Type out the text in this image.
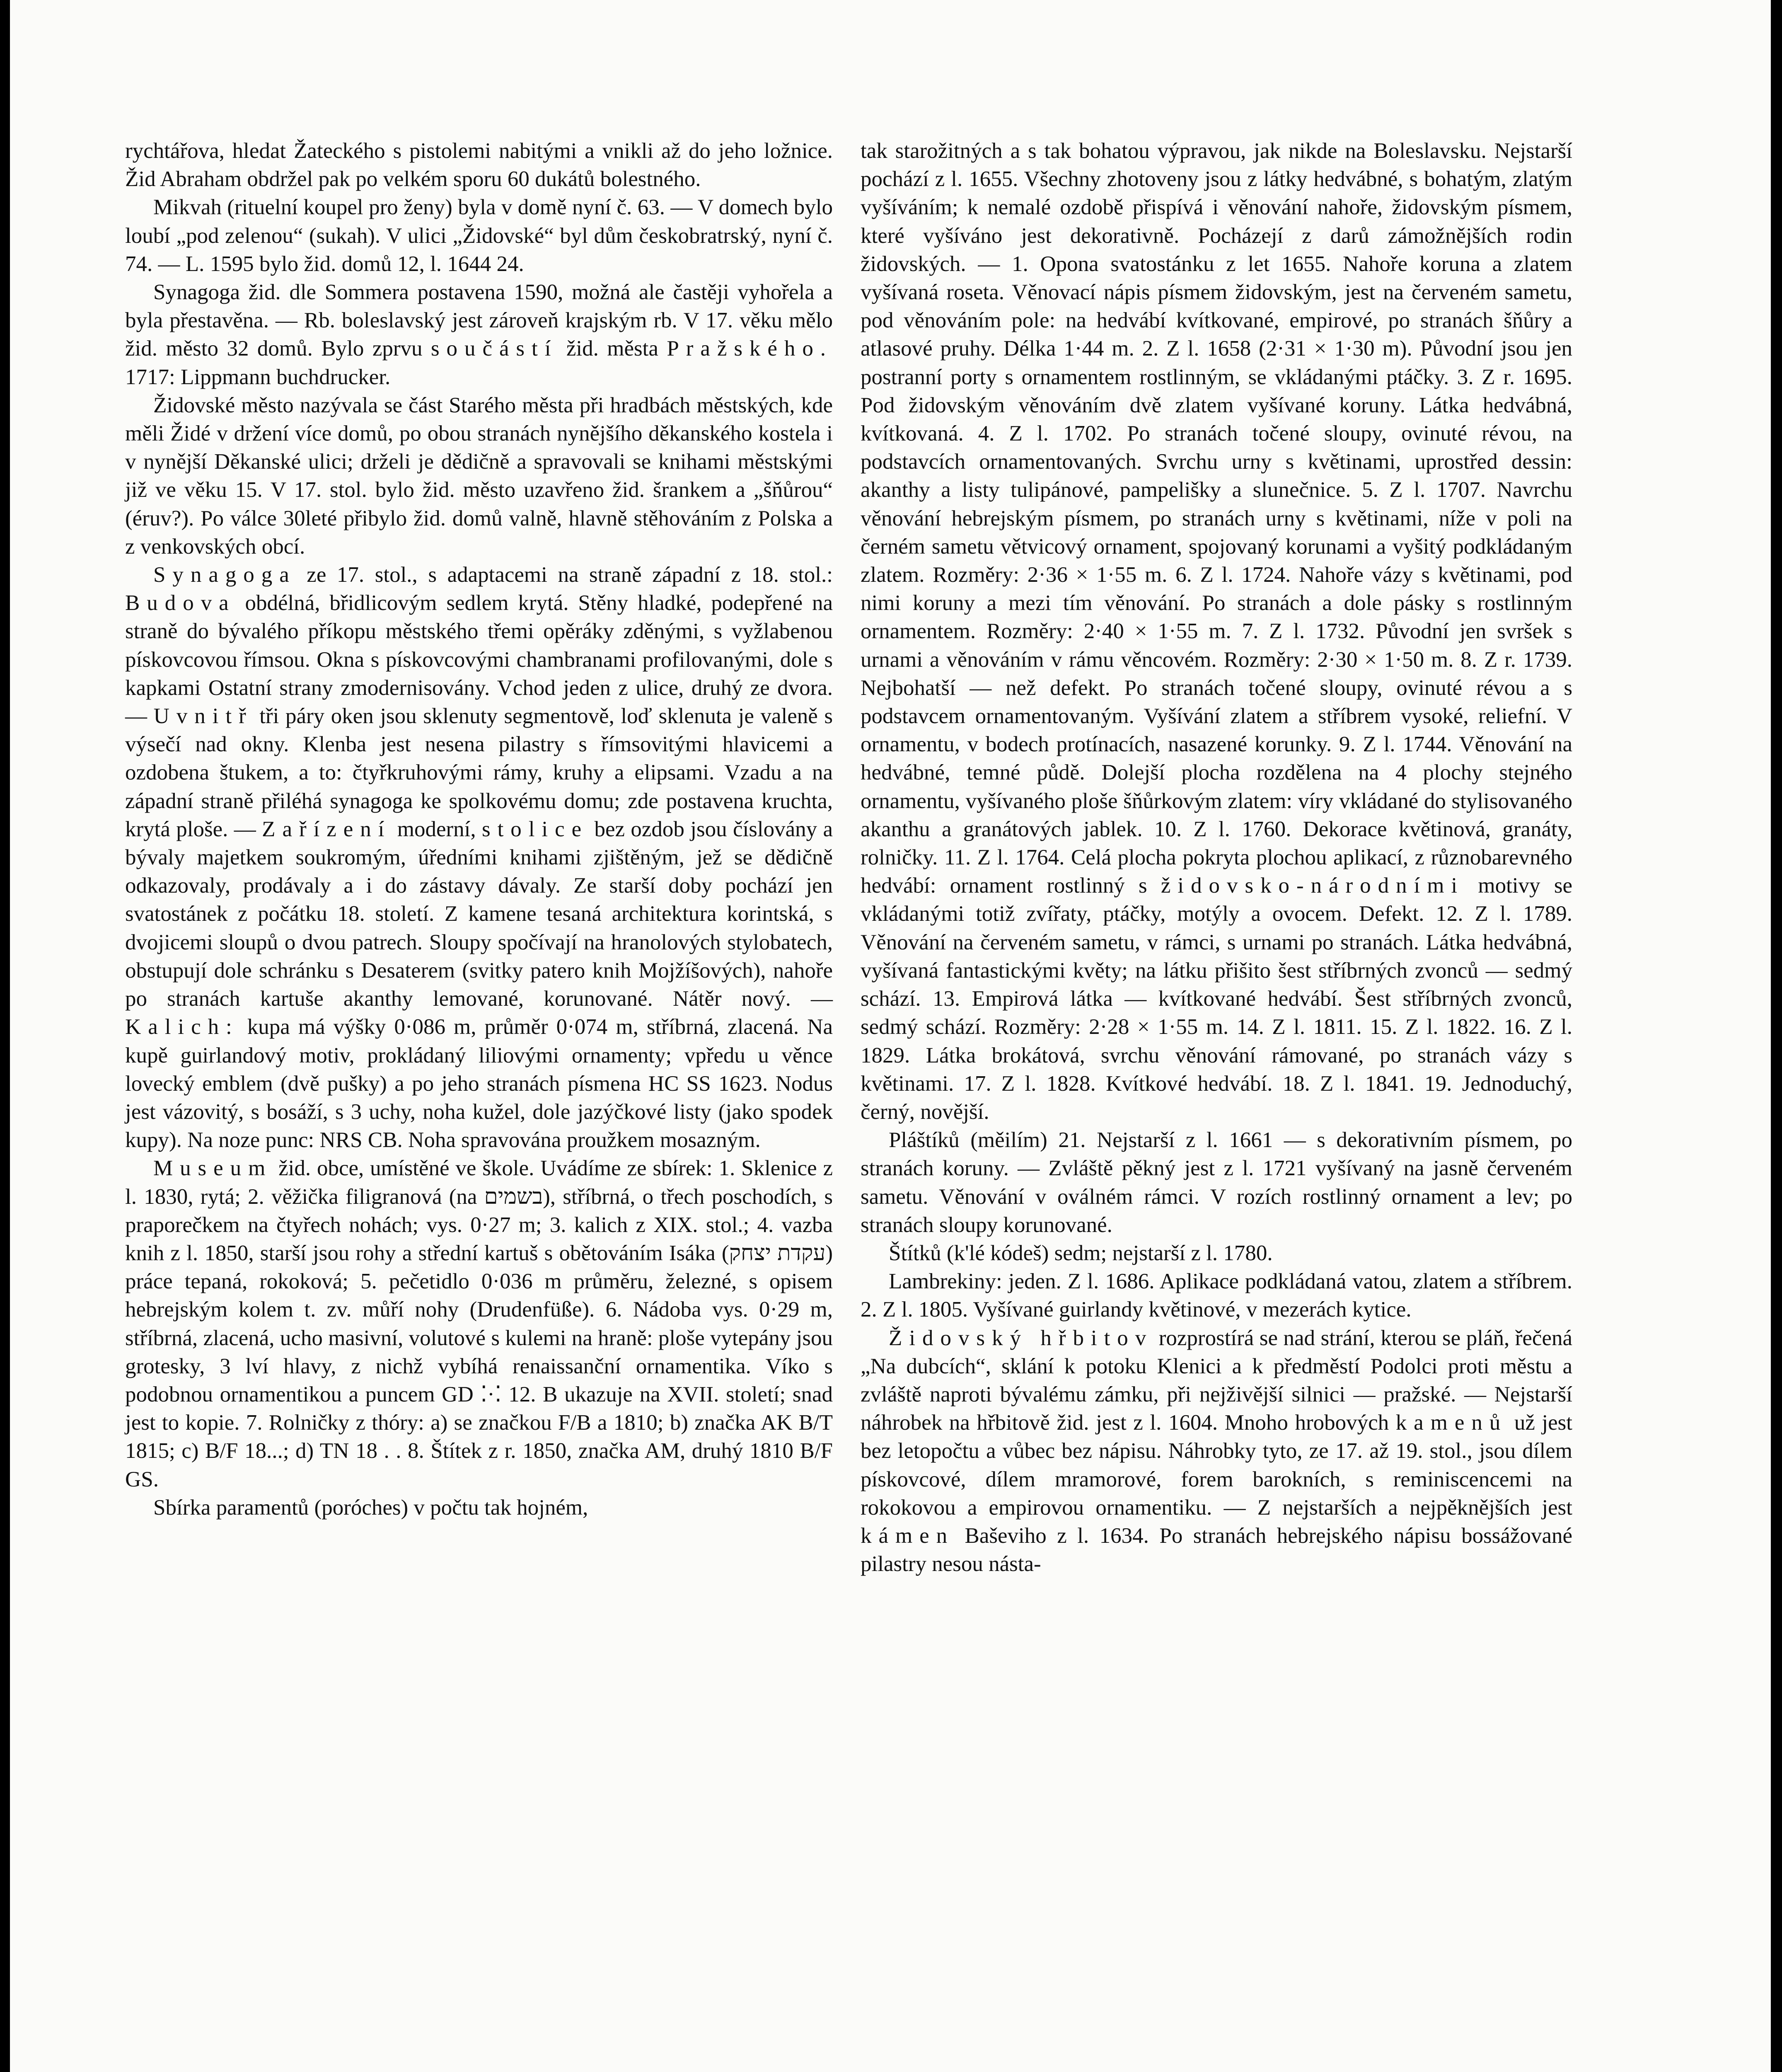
rychtářova, hledat Žateckého s pistolemi nabitými a vnikli až do jeho ložnice. Žid Abraham obdržel pak po velkém sporu 60 dukátů bolestného.

Mikvah (rituelní koupel pro ženy) byla v domě nyní č. 63. — V domech bylo loubí „pod zelenou“ (sukah). V ulici „Židovské“ byl dům českobratrský, nyní č. 74. — L. 1595 bylo žid. domů 12, l. 1644 24.

Synagoga žid. dle Sommera postavena 1590, možná ale častěji vyhořela a byla přestavěna. — Rb. boleslavský jest zároveň krajským rb. V 17. věku mělo žid. město 32 domů. Bylo zprvu součástí žid. města Pražského. 1717: Lippmann buchdrucker.

Židovské město nazývala se část Starého města při hradbách městských, kde měli Židé v držení více domů, po obou stranách nynějšího děkanského kostela i v nynější Děkanské ulici; drželi je dědičně a spravovali se knihami městskými již ve věku 15. V 17. stol. bylo žid. město uzavřeno žid. šrankem a „šňůrou“ (éruv?). Po válce 30leté přibylo žid. domů valně, hlavně stěhováním z Polska a z venkovských obcí.

Synagoga ze 17. stol., s adaptacemi na straně západní z 18. stol.: Budova obdélná, břidlicovým sedlem krytá. Stěny hladké, podepřené na straně do bývalého příkopu městského třemi opěráky zděnými, s vyžlabenou pískovcovou římsou. Okna s pískovcovými chambranami profilovanými, dole s kapkami Ostatní strany zmodernisovány. Vchod jeden z ulice, druhý ze dvora. — Uvnitř tři páry oken jsou sklenuty segmentově, loď sklenuta je valeně s výsečí nad okny. Klenba jest nesena pilastry s římsovitými hlavicemi a ozdobena štukem, a to: čtyřkruhovými rámy, kruhy a elipsami. Vzadu a na západní straně přiléhá synagoga ke spolkovému domu; zde postavena kruchta, krytá ploše. — Zařízení moderní, stolice bez ozdob jsou číslovány a bývaly majetkem soukromým, úředními knihami zjištěným, jež se dědičně odkazovaly, prodávaly a i do zástavy dávaly. Ze starší doby pochází jen svatostánek z počátku 18. století. Z kamene tesaná architektura korintská, s dvojicemi sloupů o dvou patrech. Sloupy spočívají na hranolových stylobatech, obstupují dole schránku s Desaterem (svitky patero knih Mojžíšových), nahoře po stranách kartuše akanthy lemované, korunované. Nátěr nový. — Kalich: kupa má výšky 0·086 m, průměr 0·074 m, stříbrná, zlacená. Na kupě guirlandový motiv, prokládaný liliovými ornamenty; vpředu u věnce lovecký emblem (dvě pušky) a po jeho stranách písmena HC SS 1623. Nodus jest vázovitý, s bosáží, s 3 uchy, noha kužel, dole jazýčkové listy (jako spodek kupy). Na noze punc: NRS CB. Noha spravována proužkem mosazným.

Museum žid. obce, umístěné ve škole. Uvádíme ze sbírek: 1. Sklenice z l. 1830, rytá; 2. věžička filigranová (na בשמים), stříbrná, o třech poschodích, s praporečkem na čtyřech nohách; vys. 0·27 m; 3. kalich z XIX. stol.; 4. vazba knih z l. 1850, starší jsou rohy a střední kartuš s obětováním Isáka (עקדת יצחק) práce tepaná, rokoková; 5. pečetidlo 0·036 m průměru, železné, s opisem hebrejským kolem t. zv. můří nohy (Drudenfüße). 6. Nádoba vys. 0·29 m, stříbrná, zlacená, ucho masivní, volutové s kulemi na hraně: ploše vytepány jsou grotesky, 3 lví hlavy, z nichž vybíhá renaissanční ornamentika. Víko s podobnou ornamentikou a puncem GD ⁚·⁚ 12. B ukazuje na XVII. století; snad jest to kopie. 7. Rolničky z thóry: a) se značkou F/B a 1810; b) značka AK B/T 1815; c) B/F 18...; d) TN 18 . . 8. Štítek z r. 1850, značka AM, druhý 1810 B/F GS.

Sbírka paramentů (poróches) v počtu tak hojném,

tak starožitných a s tak bohatou výpravou, jak nikde na Boleslavsku. Nejstarší pochází z l. 1655. Všechny zhotoveny jsou z látky hedvábné, s bohatým, zlatým vyšíváním; k nemalé ozdobě přispívá i věnování nahoře, židovským písmem, které vyšíváno jest dekorativně. Pocházejí z darů zámožnějších rodin židovských. — 1. Opona svatostánku z let 1655. Nahoře koruna a zlatem vyšívaná roseta. Věnovací nápis písmem židovským, jest na červeném sametu, pod věnováním pole: na hedvábí kvítkované, empirové, po stranách šňůry a atlasové pruhy. Délka 1·44 m. 2. Z l. 1658 (2·31 × 1·30 m). Původní jsou jen postranní porty s ornamentem rostlinným, se vkládanými ptáčky. 3. Z r. 1695. Pod židovským věnováním dvě zlatem vyšívané koruny. Látka hedvábná, kvítkovaná. 4. Z l. 1702. Po stranách točené sloupy, ovinuté révou, na podstavcích ornamentovaných. Svrchu urny s květinami, uprostřed dessin: akanthy a listy tulipánové, pampelišky a slunečnice. 5. Z l. 1707. Navrchu věnování hebrejským písmem, po stranách urny s květinami, níže v poli na černém sametu větvicový ornament, spojovaný korunami a vyšitý podkládaným zlatem. Rozměry: 2·36 × 1·55 m. 6. Z l. 1724. Nahoře vázy s květinami, pod nimi koruny a mezi tím věnování. Po stranách a dole pásky s rostlinným ornamentem. Rozměry: 2·40 × 1·55 m. 7. Z l. 1732. Původní jen svršek s urnami a věnováním v rámu věncovém. Rozměry: 2·30 × 1·50 m. 8. Z r. 1739. Nejbohatší — než defekt. Po stranách točené sloupy, ovinuté révou a s podstavcem ornamentovaným. Vyšívání zlatem a stříbrem vysoké, reliefní. V ornamentu, v bodech protínacích, nasazené korunky. 9. Z l. 1744. Věnování na hedvábné, temné půdě. Dolejší plocha rozdělena na 4 plochy stejného ornamentu, vyšívaného ploše šňůrkovým zlatem: víry vkládané do stylisovaného akanthu a granátových jablek. 10. Z l. 1760. Dekorace květinová, granáty, rolničky. 11. Z l. 1764. Celá plocha pokryta plochou aplikací, z různobarevného hedvábí: ornament rostlinný s židovsko-národními motivy se vkládanými totiž zvířaty, ptáčky, motýly a ovocem. Defekt. 12. Z l. 1789. Věnování na červeném sametu, v rámci, s urnami po stranách. Látka hedvábná, vyšívaná fantastickými květy; na látku přišito šest stříbrných zvonců — sedmý schází. 13. Empirová látka — kvítkované hedvábí. Šest stříbrných zvonců, sedmý schází. Rozměry: 2·28 × 1·55 m. 14. Z l. 1811. 15. Z l. 1822. 16. Z l. 1829. Látka brokátová, svrchu věnování rámované, po stranách vázy s květinami. 17. Z l. 1828. Kvítkové hedvábí. 18. Z l. 1841. 19. Jednoduchý, černý, novější.

Pláštíků (měilím) 21. Nejstarší z l. 1661 — s dekorativním písmem, po stranách koruny. — Zvláště pěkný jest z l. 1721 vyšívaný na jasně červeném sametu. Věnování v oválném rámci. V rozích rostlinný ornament a lev; po stranách sloupy korunované.

Štítků (k'lé kódeš) sedm; nejstarší z l. 1780.

Lambrekiny: jeden. Z l. 1686. Aplikace podkládaná vatou, zlatem a stříbrem. 2. Z l. 1805. Vyšívané guirlandy květinové, v mezerách kytice.

Židovský hřbitov rozprostírá se nad strání, kterou se pláň, řečená „Na dubcích“, sklání k potoku Klenici a k předměstí Podolci proti městu a zvláště naproti bývalému zámku, při nejživější silnici — pražské. — Nejstarší náhrobek na hřbitově žid. jest z l. 1604. Mnoho hrobových kamenů už jest bez letopočtu a vůbec bez nápisu. Náhrobky tyto, ze 17. až 19. stol., jsou dílem pískovcové, dílem mramorové, forem barokních, s reminiscencemi na rokokovou a empirovou ornamentiku. — Z nejstarších a nejpěknějších jest kámen Baševiho z l. 1634. Po stranách hebrejského nápisu bossážované pilastry nesou násta-
